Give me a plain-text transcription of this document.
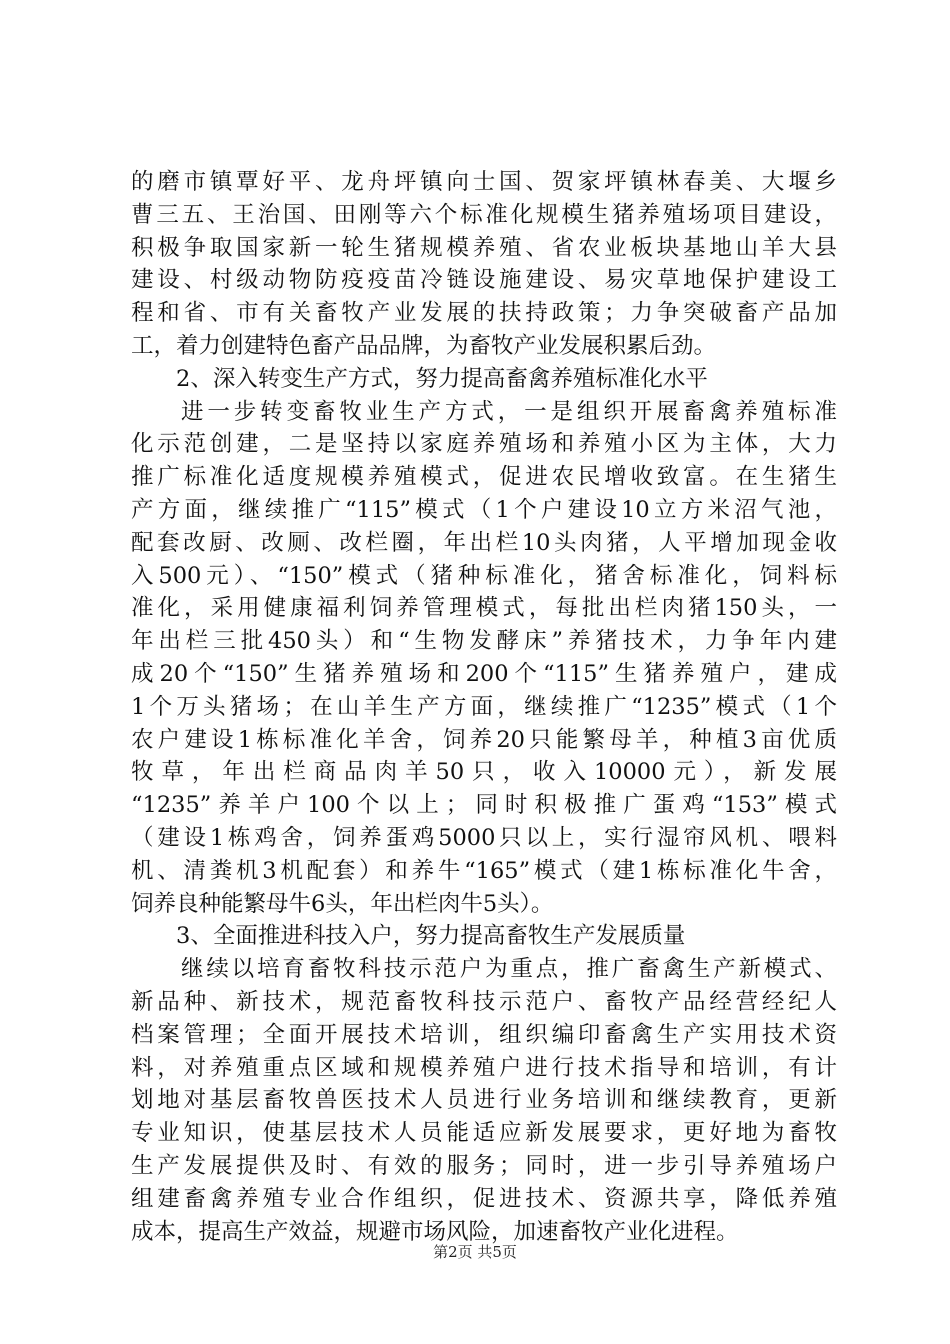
的磨市镇覃好平、龙舟坪镇向士国、贺家坪镇林春美、大堰乡
曹三五、王治国、田刚等六个标准化规模生猪养殖场项目建设，
积极争取国家新一轮生猪规模养殖、省农业板块基地山羊大县
建设、村级动物防疫疫苗冷链设施建设、易灾草地保护建设工
程和省、市有关畜牧产业发展的扶持政策；力争突破畜产品加
工，着力创建特色畜产品品牌，为畜牧产业发展积累后劲。
2、深入转变生产方式，努力提高畜禽养殖标准化水平
进一步转变畜牧业生产方式，一是组织开展畜禽养殖标准
化示范创建，二是坚持以家庭养殖场和养殖小区为主体，大力
推广标准化适度规模养殖模式，促进农民增收致富。在生猪生
产方面，继续推广“115”模式（1个户建设10立方米沼气池，
配套改厨、改厕、改栏圈，年出栏10头肉猪，人平增加现金收
入500元）、“150”模式（猪种标准化，猪舍标准化，饲料标
准化，采用健康福利饲养管理模式，每批出栏肉猪150头，一
年出栏三批450头）和“生物发酵床”养猪技术，力争年内建
成20个“150”生猪养殖场和200个“115”生猪养殖户，建成
1个万头猪场；在山羊生产方面，继续推广“1235”模式（1个
农户建设1栋标准化羊舍，饲养20只能繁母羊，种植3亩优质
牧草，年出栏商品肉羊50只，收入10000元），新发展
“1235”养羊户100个以上；同时积极推广蛋鸡“153”模式
（建设1栋鸡舍，饲养蛋鸡5000只以上，实行湿帘风机、喂料
机、清粪机3机配套）和养牛“165”模式（建1栋标准化牛舍，
饲养良种能繁母牛6头，年出栏肉牛5头）。
3、全面推进科技入户，努力提高畜牧生产发展质量
继续以培育畜牧科技示范户为重点，推广畜禽生产新模式、
新品种、新技术，规范畜牧科技示范户、畜牧产品经营经纪人
档案管理；全面开展技术培训，组织编印畜禽生产实用技术资
料，对养殖重点区域和规模养殖户进行技术指导和培训，有计
划地对基层畜牧兽医技术人员进行业务培训和继续教育，更新
专业知识，使基层技术人员能适应新发展要求，更好地为畜牧
生产发展提供及时、有效的服务；同时，进一步引导养殖场户
组建畜禽养殖专业合作组织，促进技术、资源共享，降低养殖
成本，提高生产效益，规避市场风险，加速畜牧产业化进程。
第2页 共5页
